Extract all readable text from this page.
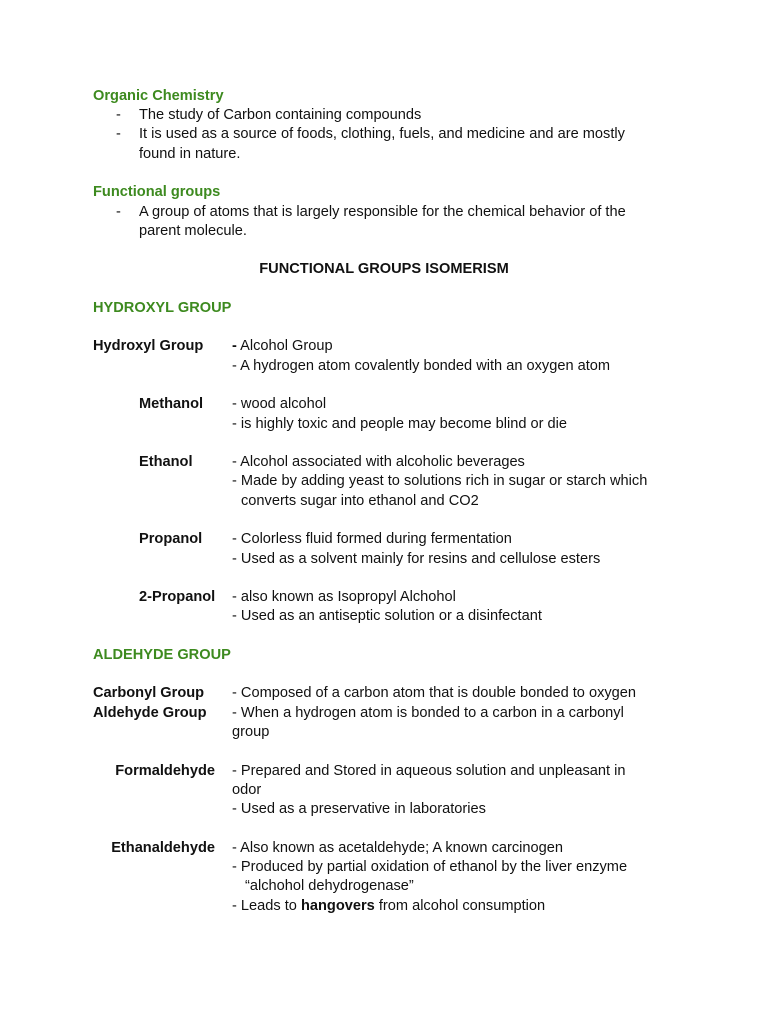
Organic Chemistry
- The study of Carbon containing compounds
- It is used as a source of foods, clothing, fuels, and medicine and are mostly
found in nature.
Functional groups
- A group of atoms that is largely responsible for the chemical behavior of the
parent molecule.
FUNCTIONAL GROUPS ISOMERISM
HYDROXYL GROUP
Hydroxyl Group - Alcohol Group
- A hydrogen atom covalently bonded with an oxygen atom
Methanol - wood alcohol
- is highly toxic and people may become blind or die
Ethanol	- Alcohol associated with alcoholic beverages
- Made by adding yeast to solutions rich in sugar or starch which
converts sugar into ethanol and CO2
Propanol - Colorless fluid formed during fermentation
- Used as a solvent mainly for resins and cellulose esters
2-Propanol - also known as Isopropyl Alchohol
- Used as an antiseptic solution or a disinfectant
ALDEHYDE GROUP
Carbonyl Group - Composed of a carbon atom that is double bonded to oxygen
Aldehyde Group - When a hydrogen atom is bonded to a carbon in a carbonyl
group
Formaldehyde - Prepared and Stored in aqueous solution and unpleasant in
odor
- Used as a preservative in laboratories
Ethanaldehyde - Also known as acetaldehyde; A known carcinogen
- Produced by partial oxidation of ethanol by the liver enzyme
“alchohol dehydrogenase”
- Leads to hangovers from alcohol consumption
